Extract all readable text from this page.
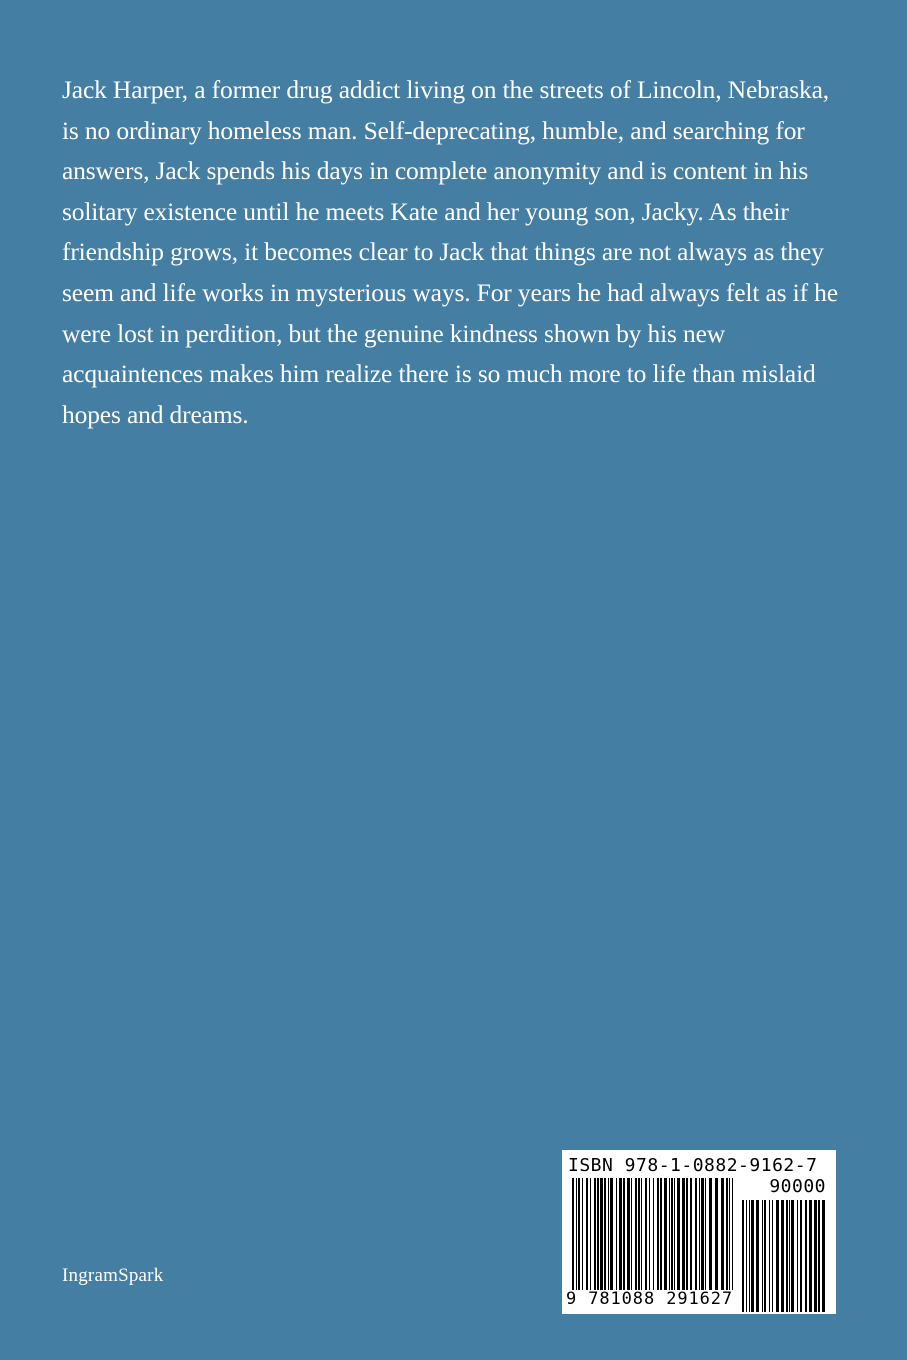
Jack Harper, a former drug addict living on the streets of Lincoln, Nebraska,
is no ordinary homeless man. Self-deprecating, humble, and searching for
answers, Jack spends his days in complete anonymity and is content in his
solitary existence until he meets Kate and her young son, Jacky. As their
friendship grows, it becomes clear to Jack that things are not always as they
seem and life works in mysterious ways. For years he had always felt as if he
were lost in perdition, but the genuine kindness shown by his new
acquaintences makes him realize there is so much more to life than mislaid
hopes and dreams.

IngramSpark
ISBN 978-1-0882-9162-7
90000
9 781088 291627
